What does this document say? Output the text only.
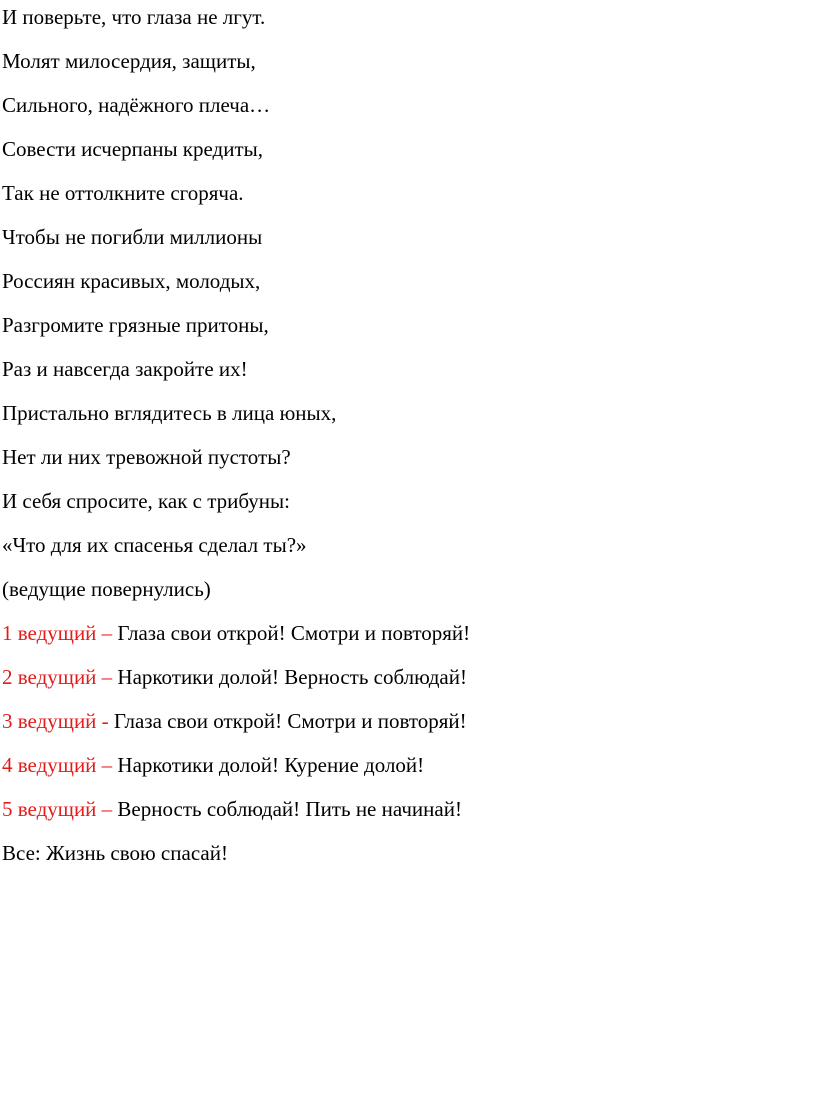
И поверьте, что глаза не лгут.

Молят милосердия, защиты,

Сильного, надёжного плеча…

Совести исчерпаны кредиты,

Так не оттолкните сгоряча.

Чтобы не погибли миллионы

Россиян красивых, молодых,

Разгромите грязные притоны,

Раз и навсегда закройте их!

Пристально вглядитесь в лица юных,

Нет ли них тревожной пустоты?

И себя спросите, как с трибуны:

«Что для их спасенья сделал ты?»

(ведущие повернулись)

1 ведущий – Глаза свои открой! Смотри и повторяй!

2 ведущий – Наркотики долой! Верность соблюдай!

3 ведущий - Глаза свои открой! Смотри и повторяй!

4 ведущий – Наркотики долой! Курение долой!

5 ведущий – Верность соблюдай! Пить не начинай!

Все: Жизнь свою спасай!
